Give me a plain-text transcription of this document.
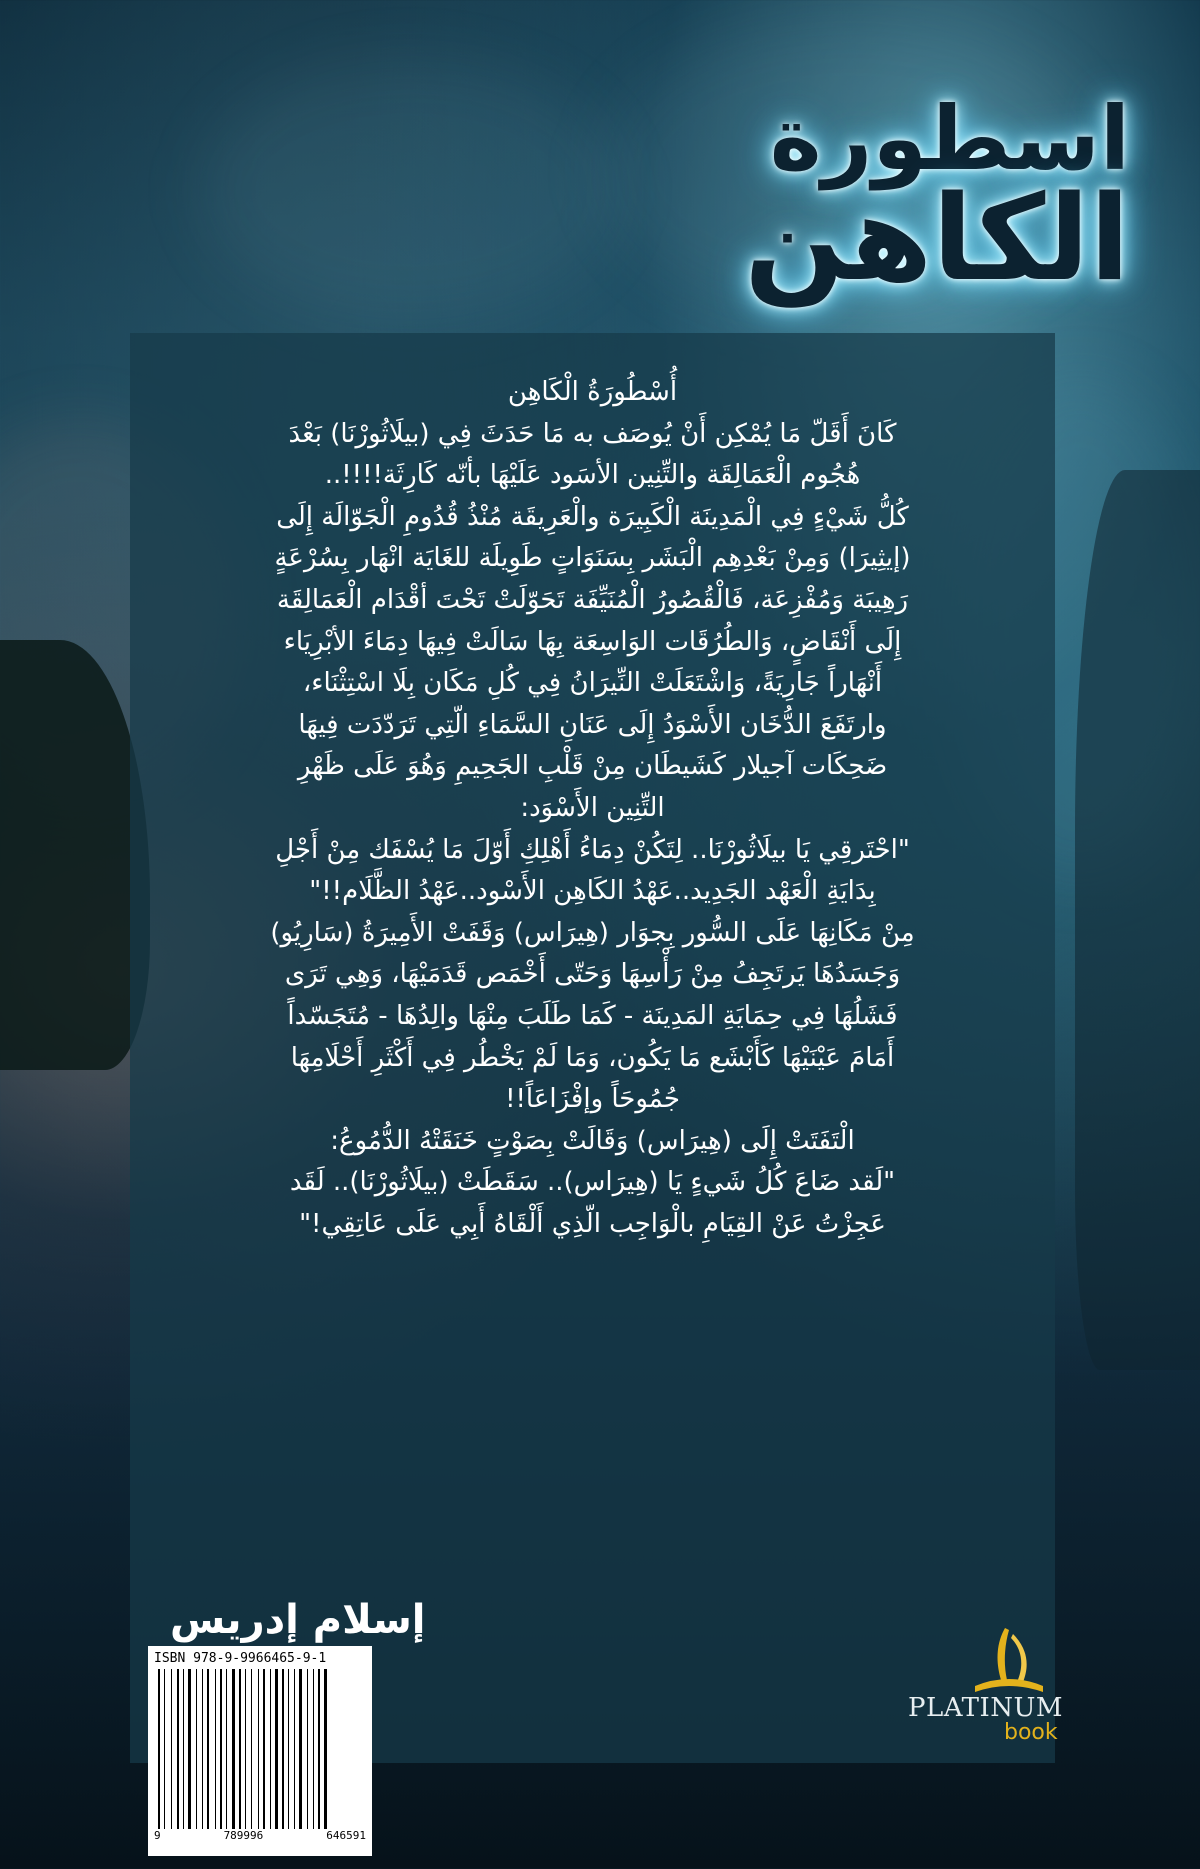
اسطورة
الكاهن

أُسْطُورَةُ الْكَاهِن

كَانَ أَقَلّ مَا يُمْكِن أَنْ يُوصَف به مَا حَدَثَ فِي (بيلَاثُورْنَا) بَعْدَ

هُجُوم الْعَمَالِقَة والتِّنِين الأسَود عَلَيْهَا بأنّه كَارِثَة!!!!..

كُلُّ شَيْءٍ فِي الْمَدِينَة الْكَبِيرَة والْعَرِيقَة مُنْذُ قُدُومِ الْجَوّالَة إِلَى

(إيثِيرَا) وَمِنْ بَعْدِهِم الْبَشَر بِسَنَوَاتٍ طَوِيلَة للغَايَة انْهَار بِسُرْعَةٍ

رَهِيبَة وَمُفْزِعَة، فَالْقُصُورُ الْمُنَيِّفَة تَحَوّلَتْ تَحْتَ أقْدَام الْعَمَالِقَة

إِلَى أَنْقَاضٍ، وَالطُرُقَات الوَاسِعَة بِهَا سَالَتْ فِيهَا دِمَاءَ الأبْرِيَاء

أَنْهَاراً جَارِيَةً، وَاشْتَعَلَتْ النِّيرَانُ فِي كُلِ مَكَان بِلَا اسْتِثْنَاء،

وارتَفَعَ الدُّخَان الأَسْوَدُ إِلَى عَنَانِ السَّمَاءِ الّتِي تَرَدّدَت فِيهَا

ضَحِكَات آجيلار كَشَيطَان مِنْ قَلْبِ الجَحِيمِ وَهُوَ عَلَى ظَهْرِ

التِّنِين الأَسْوَد:

"احْتَرقِي يَا بيلَاثُورْنَا.. لِتَكُنْ دِمَاءُ أَهْلِكِ أَوّلَ مَا يُسْفَك مِنْ أَجْلِ

بِدَايَةِ الْعَهْد الجَدِيد..عَهْدُ الكَاهِن الأَسْود..عَهْدُ الظَّلَام!!"

مِنْ مَكَانِهَا عَلَى السُّور بِجوَار (هِيرَاس) وَقَفَتْ الأَمِيرَةُ (سَارِيُو)

وَجَسَدُهَا يَرتَجِفُ مِنْ رَأْسِهَا وَحَتّى أَخْمَص قَدَمَيْهَا، وَهِي تَرَى

فَشَلُهَا فِي حِمَايَةِ المَدِينَة - كَمَا طَلَبَ مِنْهَا والِدُهَا - مُتَجَسّداً

أَمَامَ عَيْنَيْهَا كَأَبْشَع مَا يَكُون، وَمَا لَمْ يَخْطُر فِي أَكْثَرِ أَحْلَامِهَا

جُمُوحَاً وإفْزَاعَاً!!

الْتَفَتَتْ إِلَى (هِيرَاس) وَقَالَتْ بِصَوْتٍ خَنَقَتْهُ الدُّمُوعُ:

"لَقد ضَاعَ كُلُ شَيءٍ يَا (هِيرَاس).. سَقَطَتْ (بيلَاثُورْنَا).. لَقَد

عَجِزْتُ عَنْ القِيَامِ بالْوَاجِب الّذِي أَلْقَاهُ أَبِي عَلَى عَاتِقِي!"

إسلام إدريس
ISBN 978-9-9966465-9-1
9	789996	646591
PLATINUM
book
